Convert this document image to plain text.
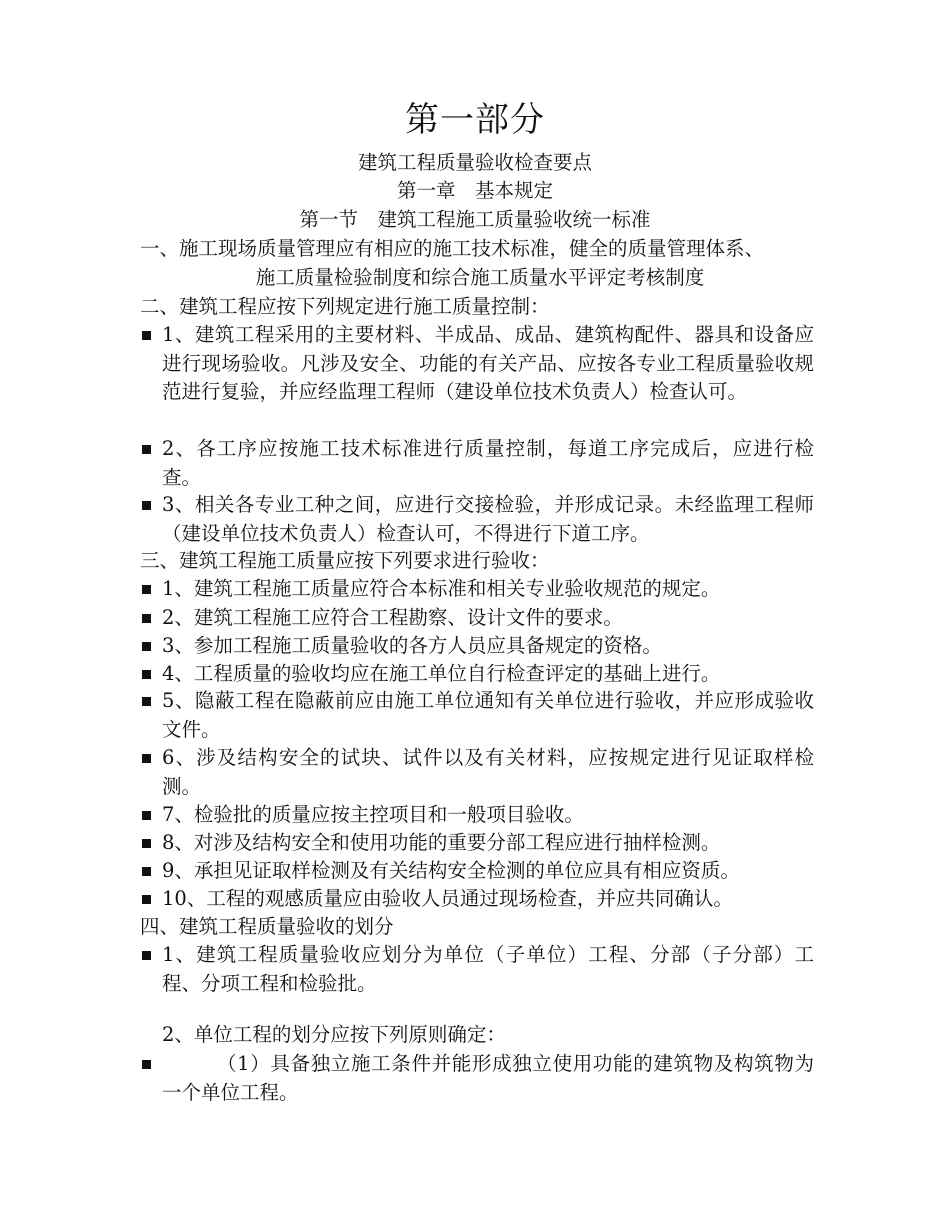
第一部分
建筑工程质量验收检查要点
第一章　基本规定
第一节　建筑工程施工质量验收统一标准
一、施工现场质量管理应有相应的施工技术标准，健全的质量管理体系、
施工质量检验制度和综合施工质量水平评定考核制度
二、建筑工程应按下列规定进行施工质量控制：
1、建筑工程采用的主要材料、半成品、成品、建筑构配件、器具和设备应进行现场验收。凡涉及安全、功能的有关产品、应按各专业工程质量验收规范进行复验，并应经监理工程师（建设单位技术负责人）检查认可。
2、各工序应按施工技术标准进行质量控制，每道工序完成后，应进行检查。
3、相关各专业工种之间，应进行交接检验，并形成记录。未经监理工程师（建设单位技术负责人）检查认可，不得进行下道工序。
三、建筑工程施工质量应按下列要求进行验收：
1、建筑工程施工质量应符合本标准和相关专业验收规范的规定。
2、建筑工程施工应符合工程勘察、设计文件的要求。
3、参加工程施工质量验收的各方人员应具备规定的资格。
4、工程质量的验收均应在施工单位自行检查评定的基础上进行。
5、隐蔽工程在隐蔽前应由施工单位通知有关单位进行验收，并应形成验收文件。
6、涉及结构安全的试块、试件以及有关材料，应按规定进行见证取样检测。
7、检验批的质量应按主控项目和一般项目验收。
8、对涉及结构安全和使用功能的重要分部工程应进行抽样检测。
9、承担见证取样检测及有关结构安全检测的单位应具有相应资质。
10、工程的观感质量应由验收人员通过现场检查，并应共同确认。
四、建筑工程质量验收的划分
1、建筑工程质量验收应划分为单位（子单位）工程、分部（子分部）工程、分项工程和检验批。
2、单位工程的划分应按下列原则确定：
（1）具备独立施工条件并能形成独立使用功能的建筑物及构筑物为一个单位工程。
